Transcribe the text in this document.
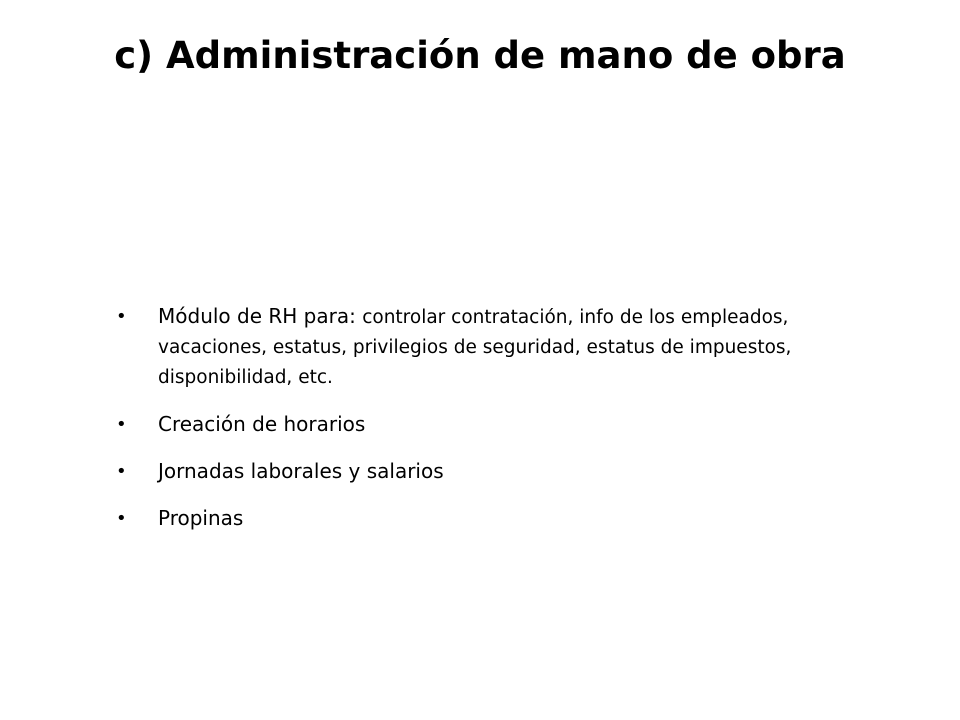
c) Administración de mano de obra
• Módulo de RH para: controlar contratación, info de los empleados, vacaciones, estatus, privilegios de seguridad, estatus de impuestos, disponibilidad, etc.
• Creación de horarios
• Jornadas laborales y salarios
• Propinas
